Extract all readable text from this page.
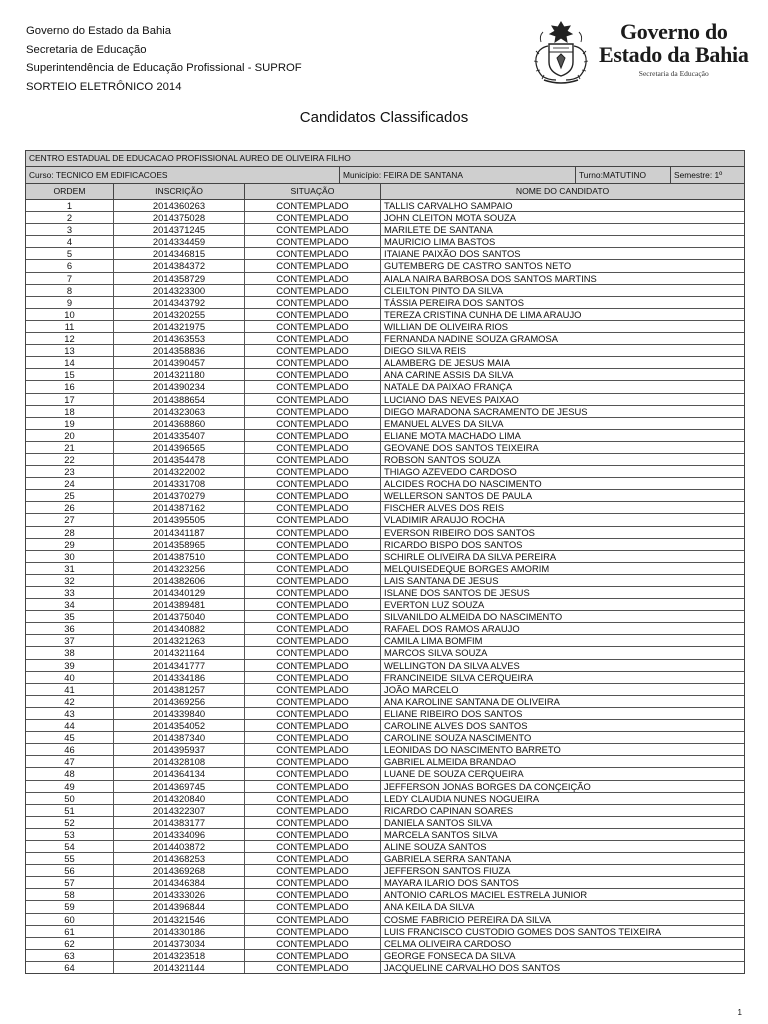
Governo do Estado da Bahia
Secretaria de Educação
Superintendência de Educação Profissional - SUPROF
SORTEIO ELETRÔNICO 2014
Governo do
Estado da Bahia
Secretaria da Educação
Candidatos Classificados
CENTRO ESTADUAL DE EDUCACAO PROFISSIONAL AUREO DE OLIVEIRA FILHO
Curso: TECNICO EM EDIFICACOES	Município: FEIRA DE SANTANA	Turno:MATUTINO	Semestre: 1º
ORDEM	INSCRIÇÃO	SITUAÇÃO	NOME DO CANDIDATO
1	2014360263	CONTEMPLADO	TALLIS CARVALHO SAMPAIO
2	2014375028	CONTEMPLADO	JOHN CLEITON MOTA SOUZA
3	2014371245	CONTEMPLADO	MARILETE DE SANTANA
4	2014334459	CONTEMPLADO	MAURICIO LIMA BASTOS
5	2014346815	CONTEMPLADO	ITAIANE PAIXÃO DOS SANTOS
6	2014384372	CONTEMPLADO	GUTEMBERG DE CASTRO SANTOS NETO
7	2014358729	CONTEMPLADO	AIALA NAIRA BARBOSA DOS SANTOS MARTINS
8	2014323300	CONTEMPLADO	CLEILTON PINTO DA SILVA
9	2014343792	CONTEMPLADO	TÁSSIA PEREIRA DOS SANTOS
10	2014320255	CONTEMPLADO	TEREZA CRISTINA CUNHA DE LIMA ARAUJO
11	2014321975	CONTEMPLADO	WILLIAN DE OLIVEIRA RIOS
12	2014363553	CONTEMPLADO	FERNANDA NADINE SOUZA GRAMOSA
13	2014358836	CONTEMPLADO	DIEGO SILVA REIS
14	2014390457	CONTEMPLADO	ALAMBERG DE JESUS MAIA
15	2014321180	CONTEMPLADO	ANA CARINE ASSIS DA SILVA
16	2014390234	CONTEMPLADO	NATALE DA PAIXAO FRANÇA
17	2014388654	CONTEMPLADO	LUCIANO DAS NEVES PAIXAO
18	2014323063	CONTEMPLADO	DIEGO MARADONA SACRAMENTO DE JESUS
19	2014368860	CONTEMPLADO	EMANUEL ALVES DA SILVA
20	2014335407	CONTEMPLADO	ELIANE MOTA MACHADO LIMA
21	2014396565	CONTEMPLADO	GEOVANE DOS SANTOS TEIXEIRA
22	2014354478	CONTEMPLADO	ROBSON SANTOS SOUZA
23	2014322002	CONTEMPLADO	THIAGO AZEVEDO CARDOSO
24	2014331708	CONTEMPLADO	ALCIDES ROCHA DO NASCIMENTO
25	2014370279	CONTEMPLADO	WELLERSON SANTOS DE PAULA
26	2014387162	CONTEMPLADO	FISCHER ALVES DOS REIS
27	2014395505	CONTEMPLADO	VLADIMIR ARAUJO ROCHA
28	2014341187	CONTEMPLADO	EVERSON RIBEIRO DOS SANTOS
29	2014358965	CONTEMPLADO	RICARDO BISPO DOS SANTOS
30	2014387510	CONTEMPLADO	SCHIRLE OLIVEIRA DA SILVA PEREIRA
31	2014323256	CONTEMPLADO	MELQUISEDEQUE BORGES AMORIM
32	2014382606	CONTEMPLADO	LAIS SANTANA DE JESUS
33	2014340129	CONTEMPLADO	ISLANE DOS SANTOS DE JESUS
34	2014389481	CONTEMPLADO	EVERTON LUZ SOUZA
35	2014375040	CONTEMPLADO	SILVANILDO ALMEIDA DO NASCIMENTO
36	2014340882	CONTEMPLADO	RAFAEL DOS RAMOS ARAUJO
37	2014321263	CONTEMPLADO	CAMILA LIMA BOMFIM
38	2014321164	CONTEMPLADO	MARCOS SILVA SOUZA
39	2014341777	CONTEMPLADO	WELLINGTON DA SILVA ALVES
40	2014334186	CONTEMPLADO	FRANCINEIDE SILVA CERQUEIRA
41	2014381257	CONTEMPLADO	JOÃO MARCELO
42	2014369256	CONTEMPLADO	ANA KAROLINE SANTANA DE OLIVEIRA
43	2014339840	CONTEMPLADO	ELIANE RIBEIRO DOS SANTOS
44	2014354052	CONTEMPLADO	CAROLINE ALVES DOS SANTOS
45	2014387340	CONTEMPLADO	CAROLINE SOUZA NASCIMENTO
46	2014395937	CONTEMPLADO	LEONIDAS DO NASCIMENTO BARRETO
47	2014328108	CONTEMPLADO	GABRIEL ALMEIDA BRANDAO
48	2014364134	CONTEMPLADO	LUANE DE SOUZA CERQUEIRA
49	2014369745	CONTEMPLADO	JEFFERSON JONAS BORGES DA CONÇEIÇÃO
50	2014320840	CONTEMPLADO	LEDY CLAUDIA NUNES NOGUEIRA
51	2014322307	CONTEMPLADO	RICARDO CAPINAN SOARES
52	2014383177	CONTEMPLADO	DANIELA SANTOS SILVA
53	2014334096	CONTEMPLADO	MARCELA SANTOS SILVA
54	2014403872	CONTEMPLADO	ALINE SOUZA SANTOS
55	2014368253	CONTEMPLADO	GABRIELA SERRA SANTANA
56	2014369268	CONTEMPLADO	JEFFERSON SANTOS FIUZA
57	2014346384	CONTEMPLADO	MAYARA ILARIO DOS SANTOS
58	2014333026	CONTEMPLADO	ANTONIO CARLOS MACIEL ESTRELA JUNIOR
59	2014396844	CONTEMPLADO	ANA KEILA DA SILVA
60	2014321546	CONTEMPLADO	COSME FABRICIO PEREIRA DA SILVA
61	2014330186	CONTEMPLADO	LUIS FRANCISCO CUSTODIO GOMES DOS SANTOS TEIXEIRA
62	2014373034	CONTEMPLADO	CELMA OLIVEIRA CARDOSO
63	2014323518	CONTEMPLADO	GEORGE FONSECA DA SILVA
64	2014321144	CONTEMPLADO	JACQUELINE CARVALHO DOS SANTOS
1
